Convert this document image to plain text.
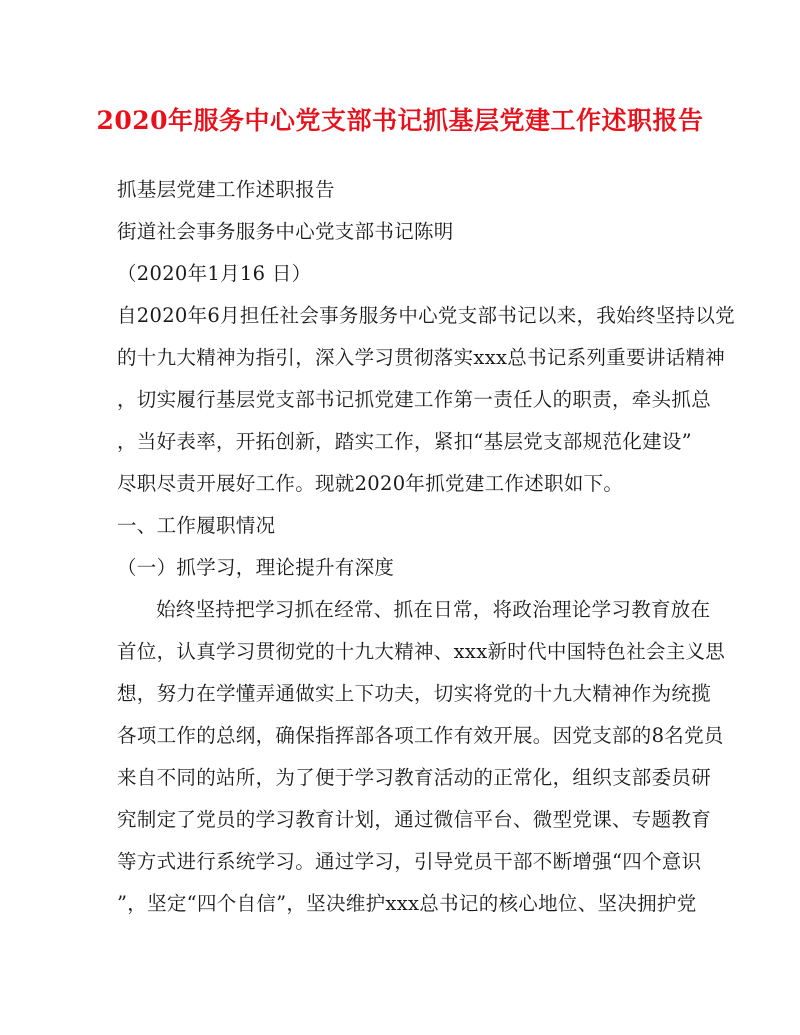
2020年服务中心党支部书记抓基层党建工作述职报告
抓基层党建工作述职报告
街道社会事务服务中心党支部书记陈明
（2020年1月16 日）
自2020年6月担任社会事务服务中心党支部书记以来，我始终坚持以党
的十九大精神为指引，深入学习贯彻落实xxx总书记系列重要讲话精神
，切实履行基层党支部书记抓党建工作第一责任人的职责，牵头抓总
，当好表率，开拓创新，踏实工作，紧扣“基层党支部规范化建设”
尽职尽责开展好工作。现就2020年抓党建工作述职如下。
一、工作履职情况
（一）抓学习，理论提升有深度
始终坚持把学习抓在经常、抓在日常，将政治理论学习教育放在
首位，认真学习贯彻党的十九大精神、xxx新时代中国特色社会主义思
想，努力在学懂弄通做实上下功夫，切实将党的十九大精神作为统揽
各项工作的总纲，确保指挥部各项工作有效开展。因党支部的8名党员
来自不同的站所，为了便于学习教育活动的正常化，组织支部委员研
究制定了党员的学习教育计划，通过微信平台、微型党课、专题教育
等方式进行系统学习。通过学习，引导党员干部不断增强“四个意识
”，坚定“四个自信”，坚决维护xxx总书记的核心地位、坚决拥护党
